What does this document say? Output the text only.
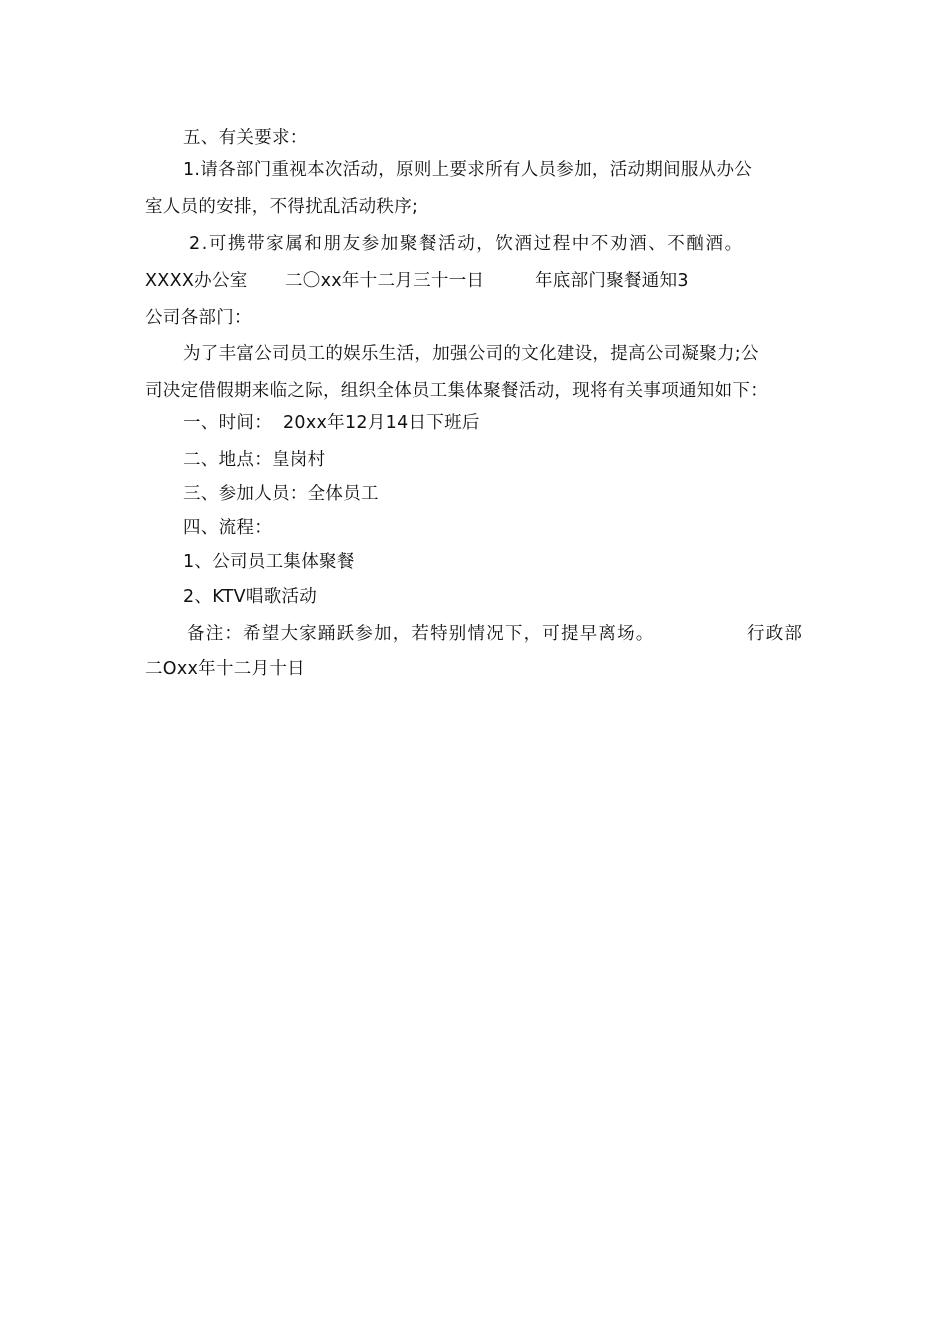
五、有关要求：
1.请各部门重视本次活动，原则上要求所有人员参加，活动期间服从办公
室人员的安排，不得扰乱活动秩序;
2.可携带家属和朋友参加聚餐活动，饮酒过程中不劝酒、不酗酒。
XXXX办公室 二〇xx年十二月三十一日	年底部门聚餐通知3
公司各部门：
为了丰富公司员工的娱乐生活，加强公司的文化建设，提高公司凝聚力;公
司决定借假期来临之际，组织全体员工集体聚餐活动，现将有关事项通知如下：
一、时间： 20xx年12月14日下班后
二、地点：皇岗村
三、参加人员：全体员工
四、流程：
1、公司员工集体聚餐
2、KTV唱歌活动
备注：希望大家踊跃参加，若特别情况下，可提早离场。	行政部
二Oxx年十二月十日
